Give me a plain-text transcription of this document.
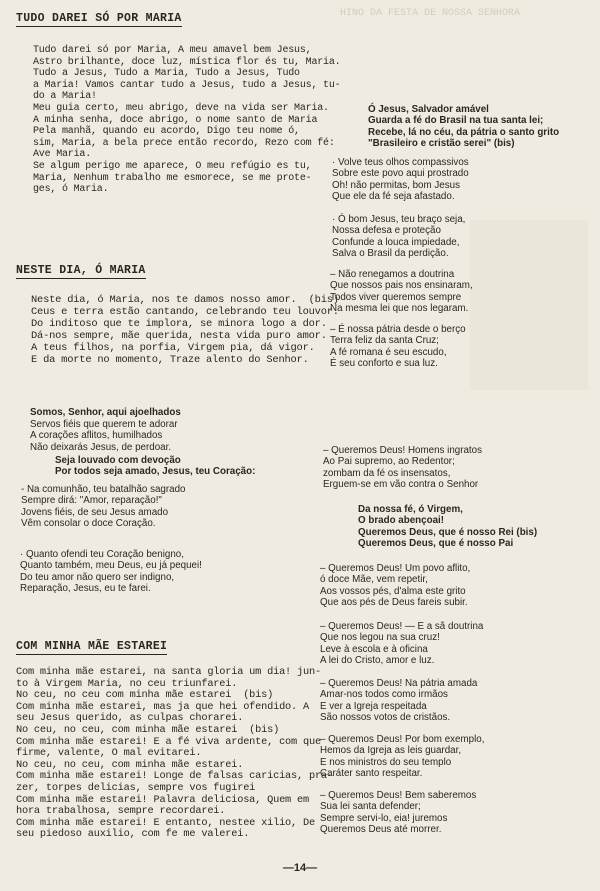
HINO DA FESTA DE NOSSA SENHORA
TUDO DAREI SÓ POR MARIA
Tudo darei só por Maria, A meu amavel bem Jesus,
Astro brilhante, doce luz, mística flor és tu, Maria.
Tudo a Jesus, Tudo a Maria, Tudo a Jesus, Tudo
a Maria! Vamos cantar tudo a Jesus, tudo a Jesus, tu-
do a Maria!
Meu guia certo, meu abrigo, deve na vida ser Maria.
A minha senha, doce abrigo, o nome santo de Maria
Pela manhã, quando eu acordo, Digo teu nome ó,
sim, Maria, a bela prece então recordo, Rezo com fé:
Ave Maria.
Se algum perigo me aparece, O meu refúgio es tu,
Maria, Nenhum trabalho me esmorece, se me prote-
ges, ó Maria.
NESTE DIA, Ó MARIA
Neste dia, ó Maria, nos te damos nosso amor.  (bis)
Ceus e terra estão cantando, celebrando teu louvor.
Do inditoso que te implora, se minora logo a dor.
Dá-nos sempre, mãe querida, nesta vida puro amor.
A teus filhos, na porfia, Virgem pia, dá vigor.
E da morte no momento, Traze alento do Senhor.
Somos, Senhor, aqui ajoelhados
Servos fiéis que querem te adorar
A corações aflitos, humilhados
Não deixarás Jesus, de perdoar.
Seja louvado com devoção
Por todos seja amado, Jesus, teu Coração:
- Na comunhão, teu batalhão sagrado
Sempre dirá: "Amor, reparação!"
Jovens fiéis, de seu Jesus amado
Vêm consolar o doce Coração.
· Quanto ofendi teu Coração benigno,
Quanto também, meu Deus, eu já pequei!
Do teu amor não quero ser indigno,
Reparação, Jesus, eu te farei.
COM MINHA MÃE ESTAREI
Com minha mãe estarei, na santa gloria um dia! jun-
to à Virgem Maria, no ceu triunfarei.
No ceu, no ceu com minha mãe estarei  (bis)
Com minha mãe estarei, mas ja que hei ofendido. A
seu Jesus querido, as culpas chorarei.
No ceu, no ceu, com minha mãe estarei  (bis)
Com minha mãe estarei! E a fé viva ardente, com que
firme, valente, O mal evitarei.
No ceu, no ceu, com minha mãe estarei.
Com minha mãe estarei! Longe de falsas caricias, pra-
zer, torpes delicias, sempre vos fugirei
Com minha mãe estarei! Palavra deliciosa, Quem em
hora trabalhosa, sempre recordarei.
Com minha mãe estarei! E entanto, nestee xilio, De
seu piedoso auxilio, com fe me valerei.
Ó Jesus, Salvador amável
Guarda a fé do Brasil na tua santa lei;
Recebe, lá no céu, da pátria o santo grito
"Brasileiro e cristão serei" (bis)
· Volve teus olhos compassivos
Sobre este povo aqui prostrado
Oh! não permitas, bom Jesus
Que ele da fé seja afastado.
· Ó bom Jesus, teu braço seja,
Nossa defesa e proteção
Confunde a louca impiedade,
Salva o Brasil da perdição.
– Não renegamos a doutrina
Que nossos pais nos ensinaram,
Todos viver queremos sempre
Na mesma lei que nos legaram.
– É nossa pátria desde o berço
Terra feliz da santa Cruz;
A fé romana é seu escudo,
É seu conforto e sua luz.
– Queremos Deus! Homens ingratos
Ao Pai supremo, ao Redentor;
zombam da fé os insensatos,
Erguem-se em vão contra o Senhor
Da nossa fé, ó Virgem,
O brado abençoai!
Queremos Deus, que é nosso Rei (bis)
Queremos Deus, que é nosso Pai
– Queremos Deus! Um povo aflito,
ó doce Mãe, vem repetir,
Aos vossos pés, d'alma este grito
Que aos pés de Deus fareis subir.
– Queremos Deus! — E a sã doutrina
Que nos legou na sua cruz!
Leve à escola e à oficina
A lei do Cristo, amor e luz.
– Queremos Deus! Na pátria amada
Amar-nos todos como irmãos
E ver a Igreja respeitada
São nossos votos de cristãos.
– Queremos Deus! Por bom exemplo,
Hemos da Igreja as leis guardar,
E nos ministros do seu templo
Caráter santo respeitar.
– Queremos Deus! Bem saberemos
Sua lei santa defender;
Sempre servi-lo, eia! juremos
Queremos Deus até morrer.
—14—
